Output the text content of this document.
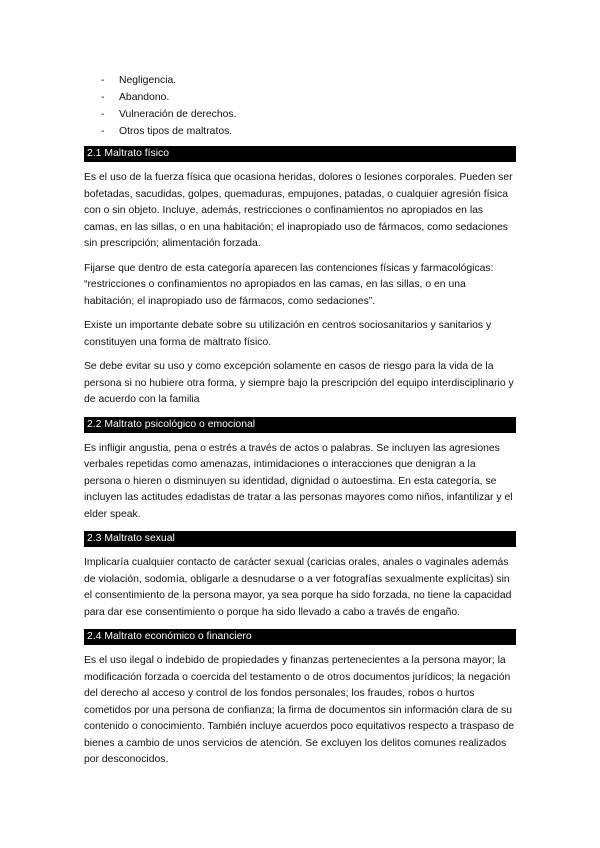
- Negligencia.
- Abandono.
- Vulneración de derechos.
- Otros tipos de maltratos.
2.1 Maltrato físico

Es el uso de la fuerza física que ocasiona heridas, dolores o lesiones corporales. Pueden ser bofetadas, sacudidas, golpes, quemaduras, empujones, patadas, o cualquier agresión física con o sin objeto. Incluye, además, restricciones o confinamientos no apropiados en las camas, en las sillas, o en una habitación; el inapropiado uso de fármacos, como sedaciones sin prescripción; alimentación forzada.

Fijarse que dentro de esta categoría aparecen las contenciones físicas y farmacológicas: “restricciones o confinamientos no apropiados en las camas, en las sillas, o en una habitación; el inapropiado uso de fármacos, como sedaciones”.

Existe un importante debate sobre su utilización en centros sociosanitarios y sanitarios y constituyen una forma de maltrato físico.

Se debe evitar su uso y como excepción solamente en casos de riesgo para la vida de la persona si no hubiere otra forma, y siempre bajo la prescripción del equipo interdisciplinario y de acuerdo con la familia

2.2 Maltrato psicológico o emocional

Es infligir angustia, pena o estrés a través de actos o palabras. Se incluyen las agresiones verbales repetidas como amenazas, intimidaciones o interacciones que denigran a la persona o hieren o disminuyen su identidad, dignidad o autoestima. En esta categoría, se incluyen las actitudes edadistas de tratar a las personas mayores como niños, infantilizar y el elder speak.

2.3 Maltrato sexual

Implicaría cualquier contacto de carácter sexual (caricias orales, anales o vaginales además de violación, sodomía, obligarle a desnudarse o a ver fotografías sexualmente explícitas) sin el consentimiento de la persona mayor, ya sea porque ha sido forzada, no tiene la capacidad para dar ese consentimiento o porque ha sido llevado a cabo a través de engaño.

2.4 Maltrato económico o financiero

Es el uso ilegal o indebido de propiedades y finanzas pertenecientes a la persona mayor; la modificación forzada o coercida del testamento o de otros documentos jurídicos; la negación del derecho al acceso y control de los fondos personales; los fraudes, robos o hurtos cometidos por una persona de confianza; la firma de documentos sin información clara de su contenido o conocimiento. También incluye acuerdos poco equitativos respecto a traspaso de bienes a cambio de unos servicios de atención. Se excluyen los delitos comunes realizados por desconocidos.
